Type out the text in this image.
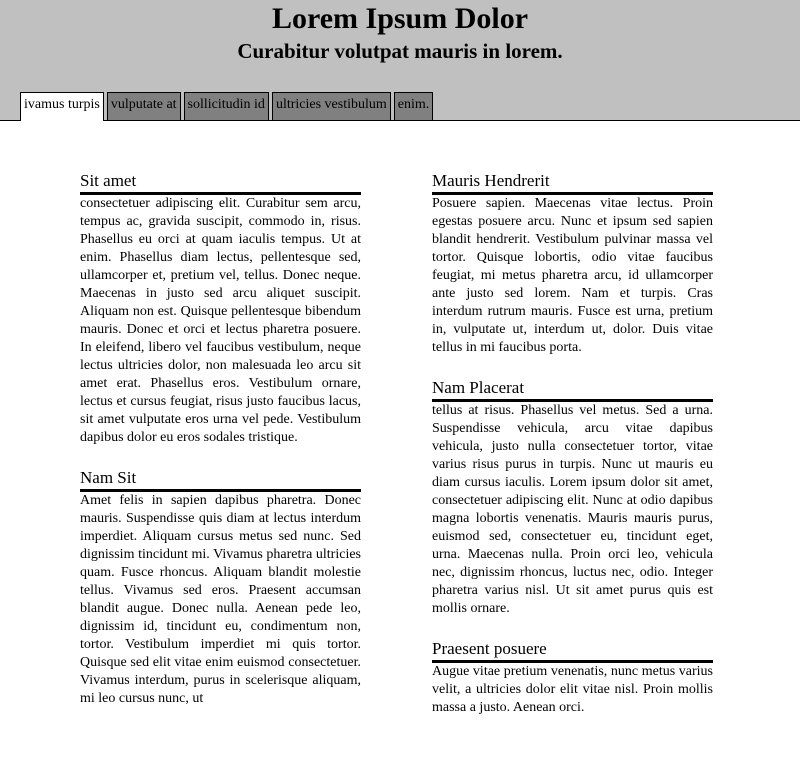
Lorem Ipsum Dolor
Curabitur volutpat mauris in lorem.
ivamus turpis vulputate at sollicitudin id ultricies vestibulum enim.
Sit amet

consectetuer adipiscing elit. Curabitur sem arcu, tempus ac, gravida suscipit, commodo in, risus. Phasellus eu orci at quam iaculis tempus. Ut at enim. Phasellus diam lectus, pellentesque sed, ullamcorper et, pretium vel, tellus. Donec neque. Maecenas in justo sed arcu aliquet suscipit. Aliquam non est. Quisque pellentesque bibendum mauris. Donec et orci et lectus pharetra posuere. In eleifend, libero vel faucibus vestibulum, neque lectus ultricies dolor, non malesuada leo arcu sit amet erat. Phasellus eros. Vestibulum ornare, lectus et cursus feugiat, risus justo faucibus lacus, sit amet vulputate eros urna vel pede. Vestibulum dapibus dolor eu eros sodales tristique.

Nam Sit

Amet felis in sapien dapibus pharetra. Donec mauris. Suspendisse quis diam at lectus interdum imperdiet. Aliquam cursus metus sed nunc. Sed dignissim tincidunt mi. Vivamus pharetra ultricies quam. Fusce rhoncus. Aliquam blandit molestie tellus. Vivamus sed eros. Praesent accumsan blandit augue. Donec nulla. Aenean pede leo, dignissim id, tincidunt eu, condimentum non, tortor. Vestibulum imperdiet mi quis tortor. Quisque sed elit vitae enim euismod consectetuer. Vivamus interdum, purus in scelerisque aliquam, mi leo cursus nunc, ut

Mauris Hendrerit

Posuere sapien. Maecenas vitae lectus. Proin egestas posuere arcu. Nunc et ipsum sed sapien blandit hendrerit. Vestibulum pulvinar massa vel tortor. Quisque lobortis, odio vitae faucibus feugiat, mi metus pharetra arcu, id ullamcorper ante justo sed lorem. Nam et turpis. Cras interdum rutrum mauris. Fusce est urna, pretium in, vulputate ut, interdum ut, dolor. Duis vitae tellus in mi faucibus porta.

Nam Placerat

tellus at risus. Phasellus vel metus. Sed a urna. Suspendisse vehicula, arcu vitae dapibus vehicula, justo nulla consectetuer tortor, vitae varius risus purus in turpis. Nunc ut mauris eu diam cursus iaculis. Lorem ipsum dolor sit amet, consectetuer adipiscing elit. Nunc at odio dapibus magna lobortis venenatis. Mauris mauris purus, euismod sed, consectetuer eu, tincidunt eget, urna. Maecenas nulla. Proin orci leo, vehicula nec, dignissim rhoncus, luctus nec, odio. Integer pharetra varius nisl. Ut sit amet purus quis est mollis ornare.

Praesent posuere

Augue vitae pretium venenatis, nunc metus varius velit, a ultricies dolor elit vitae nisl. Proin mollis massa a justo. Aenean orci.
